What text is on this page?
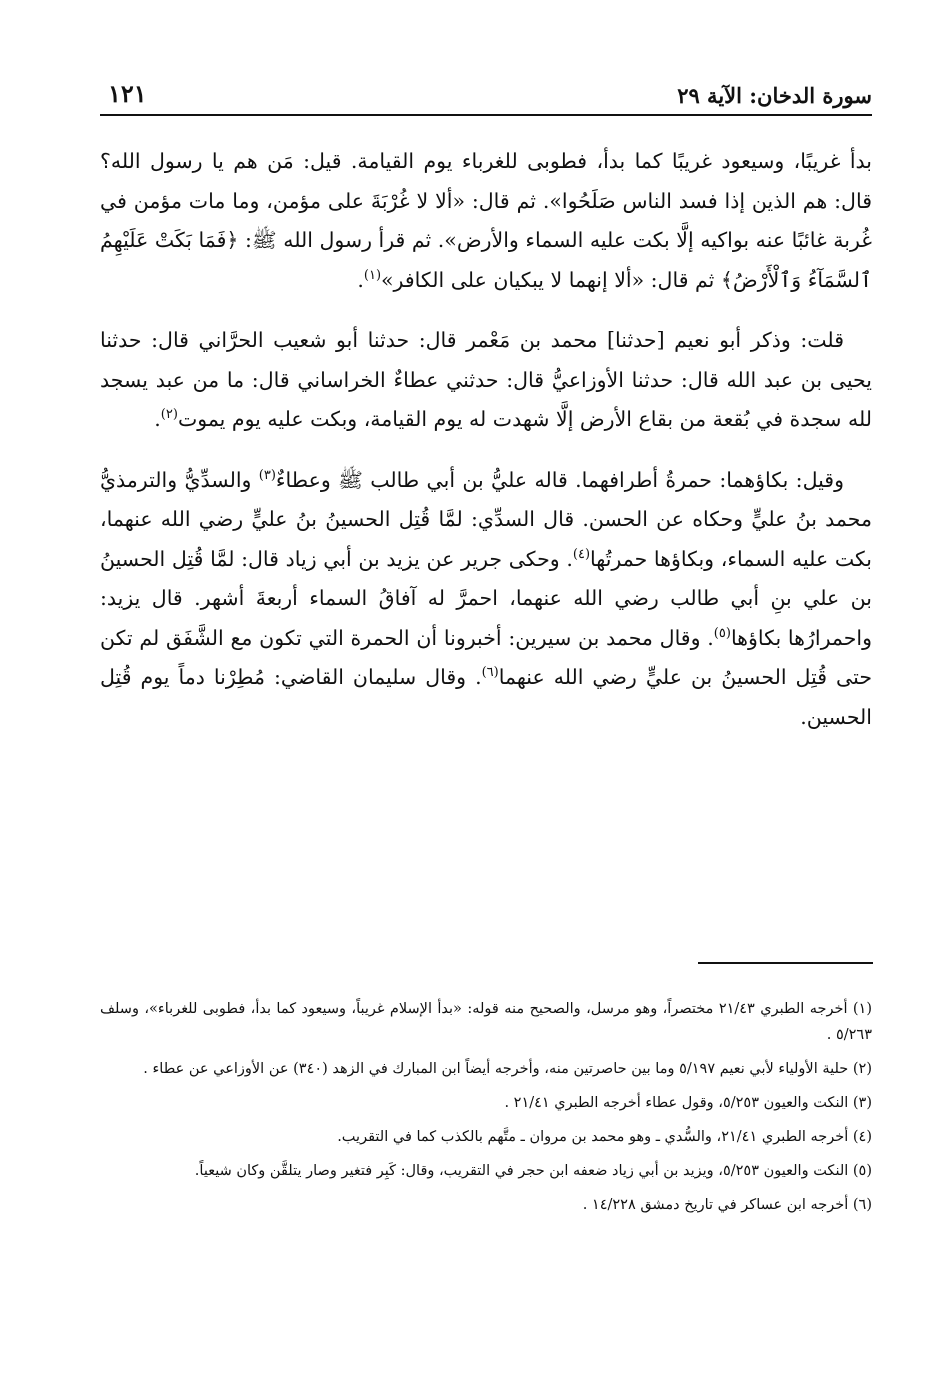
سورة الدخان: الآية ٢٩
١٢١

بدأ غريبًا، وسيعود غريبًا كما بدأ، فطوبى للغرباء يوم القيامة. قيل: مَن هم يا رسول الله؟ قال: هم الذين إذا فسد الناس صَلَحُوا». ثم قال: «ألا لا غُرْبَةَ على مؤمن، وما مات مؤمن في غُربة غائبًا عنه بواكيه إلَّا بكت عليه السماء والأرض». ثم قرأ رسول الله ﷺ: ﴿فَمَا بَكَتْ عَلَيْهِمُ ٱلسَّمَآءُ وَٱلْأَرْضُ﴾ ثم قال: «ألا إنهما لا يبكيان على الكافر»$^{(١)}$.

قلت: وذكر أبو نعيم [حدثنا] محمد بن مَعْمر قال: حدثنا أبو شعيب الحرَّاني قال: حدثنا يحيى بن عبد الله قال: حدثنا الأوزاعيُّ قال: حدثني عطاءٌ الخراساني قال: ما من عبد يسجد لله سجدة في بُقعة من بقاع الأرض إلَّا شهدت له يوم القيامة، وبكت عليه يوم يموت$^{(٢)}$.

وقيل: بكاؤهما: حمرةُ أطرافهما. قاله عليُّ بن أبي طالب ﷺ وعطاءٌ$^{(٣)}$ والسدِّيُّ والترمذيُّ محمد بنُ عليٍّ وحكاه عن الحسن. قال السدِّي: لمَّا قُتِل الحسينُ بنُ عليٍّ رضي الله عنهما، بكت عليه السماء، وبكاؤها حمرتُها$^{(٤)}$. وحكى جرير عن يزيد بن أبي زياد قال: لمَّا قُتِل الحسينُ بن علي بنِ أبي طالب رضي الله عنهما، احمرَّ له آفاقُ السماء أربعةَ أشهر. قال يزيد: واحمرارُها بكاؤها$^{(٥)}$. وقال محمد بن سيرين: أخبرونا أن الحمرة التي تكون مع الشَّفَق لم تكن حتى قُتِل الحسينُ بن عليٍّ رضي الله عنهما$^{(٦)}$. وقال سليمان القاضي: مُطِرْنا دماً يوم قُتِل الحسين.

(١) أخرجه الطبري ٢١/٤٣ مختصراً، وهو مرسل، والصحيح منه قوله: «بدأ الإسلام غريباً، وسيعود كما بدأ، فطوبى للغرباء»، وسلف ٥/٢٦٣ .

(٢) حلية الأولياء لأبي نعيم ٥/١٩٧ وما بين حاصرتين منه، وأخرجه أيضاً ابن المبارك في الزهد (٣٤٠) عن الأوزاعي عن عطاء .

(٣) النكت والعيون ٥/٢٥٣، وقول عطاء أخرجه الطبري ٢١/٤١ .

(٤) أخرجه الطبري ٢١/٤١، والسُّدي ـ وهو محمد بن مروان ـ متَّهم بالكذب كما في التقريب.

(٥) النكت والعيون ٥/٢٥٣، ويزيد بن أبي زياد ضعفه ابن حجر في التقريب، وقال: كَبِر فتغير وصار يتلقَّن وكان شيعياً.

(٦) أخرجه ابن عساكر في تاريخ دمشق ١٤/٢٢٨ .
